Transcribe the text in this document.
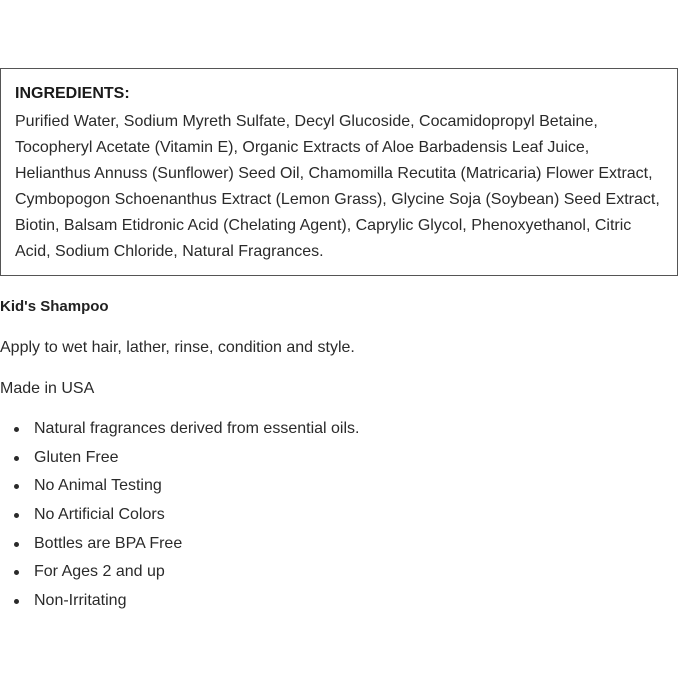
INGREDIENTS:

Purified Water, Sodium Myreth Sulfate, Decyl Glucoside, Cocamidopropyl Betaine, Tocopheryl Acetate (Vitamin E), Organic Extracts of Aloe Barbadensis Leaf Juice, Helianthus Annuss (Sunflower) Seed Oil, Chamomilla Recutita (Matricaria) Flower Extract, Cymbopogon Schoenanthus Extract (Lemon Grass), Glycine Soja (Soybean) Seed Extract, Biotin, Balsam Etidronic Acid (Chelating Agent), Caprylic Glycol, Phenoxyethanol, Citric Acid, Sodium Chloride, Natural Fragrances.

Kid's Shampoo

Apply to wet hair, lather, rinse, condition and style.

Made in USA

Natural fragrances derived from essential oils.
Gluten Free
No Animal Testing
No Artificial Colors
Bottles are BPA Free
For Ages 2 and up
Non-Irritating
